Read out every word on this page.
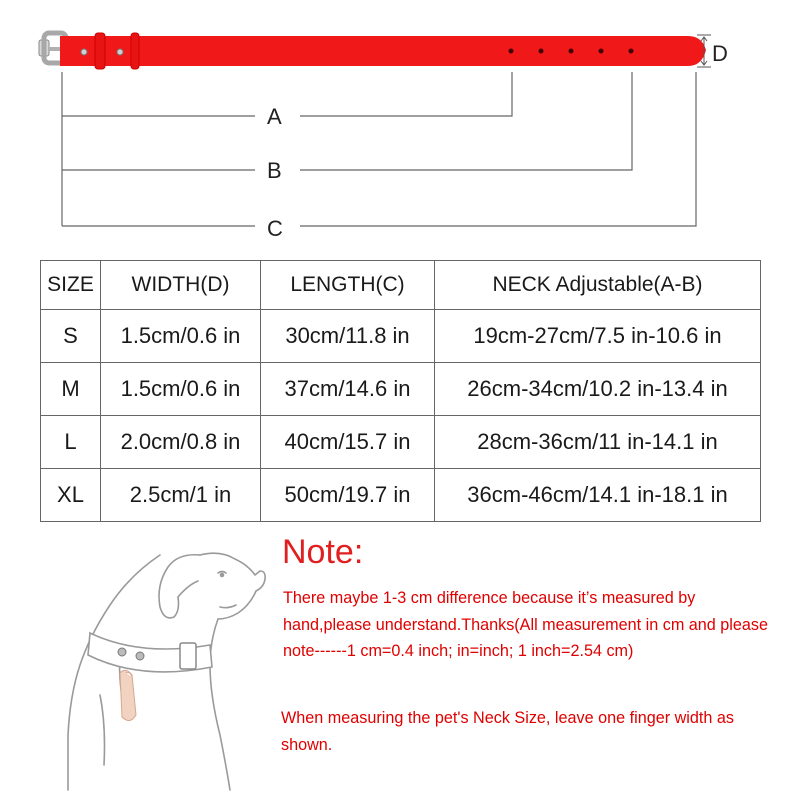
A
B
C
D
SIZE	WIDTH(D)	LENGTH(C)	NECK Adjustable(A-B)
S	1.5cm/0.6 in	30cm/11.8 in	19cm-27cm/7.5 in-10.6 in
M	1.5cm/0.6 in	37cm/14.6 in	26cm-34cm/10.2 in-13.4 in
L	2.0cm/0.8 in	40cm/15.7 in	28cm-36cm/11 in-14.1 in
XL	2.5cm/1 in	50cm/19.7 in	36cm-46cm/14.1 in-18.1 in
Note:
There maybe 1-3 cm difference because it’s measured by hand,please understand.Thanks(All measurement in cm and please note------1 cm=0.4 inch; in=inch; 1 inch=2.54 cm)
When measuring the pet's Neck Size, leave one finger width as shown.
